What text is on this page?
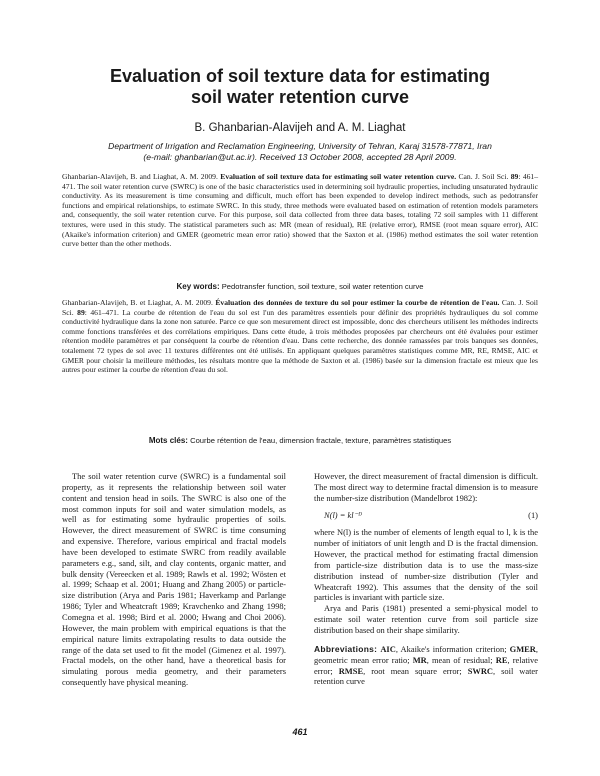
Evaluation of soil texture data for estimating
soil water retention curve
B. Ghanbarian-Alavijeh and A. M. Liaghat
Department of Irrigation and Reclamation Engineering, University of Tehran, Karaj 31578-77871, Iran
(e-mail: ghanbarian@ut.ac.ir). Received 13 October 2008, accepted 28 April 2009.
Ghanbarian-Alavijeh, B. and Liaghat, A. M. 2009. Evaluation of soil texture data for estimating soil water retention curve. Can. J. Soil Sci. 89: 461–471. The soil water retention curve (SWRC) is one of the basic characteristics used in determining soil hydraulic properties, including unsaturated hydraulic conductivity. As its measurement is time consuming and difficult, much effort has been expended to develop indirect methods, such as pedotransfer functions and empirical relationships, to estimate SWRC. In this study, three methods were evaluated based on estimation of retention models parameters and, consequently, the soil water retention curve. For this purpose, soil data collected from three data bases, totaling 72 soil samples with 11 different textures, were used in this study. The statistical parameters such as: MR (mean of residual), RE (relative error), RMSE (root mean square error), AIC (Akaike's information criterion) and GMER (geometric mean error ratio) showed that the Saxton et al. (1986) method estimates the soil water retention curve better than the other methods.
Key words: Pedotransfer function, soil texture, soil water retention curve
Ghanbarian-Alavijeh, B. et Liaghat, A. M. 2009. Évaluation des données de texture du sol pour estimer la courbe de rétention de l'eau. Can. J. Soil Sci. 89: 461–471. La courbe de rétention de l'eau du sol est l'un des paramètres essentiels pour définir des propriétés hydrauliques du sol comme conductivité hydraulique dans la zone non saturée. Parce ce que son mesurement direct est impossible, donc des chercheurs utilisent les méthodes indirects comme fonctions transférées et des corrélations empiriques. Dans cette étude, à trois méthodes proposées par chercheurs ont été évaluées pour estimer rétention modèle paramètres et par conséquent la courbe de rétention d'eau. Dans cette recherche, des donnée ramassées par trois banques ses données, totalement 72 types de sol avec 11 textures différentes ont été utilisés. En appliquant quelques paramètres statistiques comme MR, RE, RMSE, AIC et GMER pour choisir la meilleure méthodes, les résultats montre que la méthode de Saxton et al. (1986) basée sur la dimension fractale est mieux que les autres pour estimer la courbe de rétention d'eau du sol.
Mots clés: Courbe rétention de l'eau, dimension fractale, texture, paramètres statistiques

The soil water retention curve (SWRC) is a fundamental soil property, as it represents the relationship between soil water content and tension head in soils. The SWRC is also one of the most common inputs for soil and water simulation models, as well as for estimating some hydraulic properties of soils. However, the direct measurement of SWRC is time consuming and expensive. Therefore, various empirical and fractal models have been developed to estimate SWRC from readily available parameters e.g., sand, silt, and clay contents, organic matter, and bulk density (Vereecken et al. 1989; Rawls et al. 1992; Wösten et al. 1999; Schaap et al. 2001; Huang and Zhang 2005) or particle-size distribution (Arya and Paris 1981; Haverkamp and Parlange 1986; Tyler and Wheatcraft 1989; Kravchenko and Zhang 1998; Comegna et al. 1998; Bird et al. 2000; Hwang and Choi 2006). However, the main problem with empirical equations is that the empirical nature limits extrapolating results to data outside the range of the data set used to fit the model (Gimenez et al. 1997). Fractal models, on the other hand, have a theoretical basis for simulating porous media geometry, and their parameters consequently have physical meaning.

However, the direct measurement of fractal dimension is difficult. The most direct way to determine fractal dimension is to measure the number-size distribution (Mandelbrot 1982):

N(l) = kl⁻ᴰ	(1)

where N(l) is the number of elements of length equal to l, k is the number of initiators of unit length and D is the fractal dimension. However, the practical method for estimating fractal dimension from particle-size distribution data is to use the mass-size distribution instead of number-size distribution (Tyler and Wheatcraft 1992). This assumes that the density of the soil particles is invariant with particle size.

Arya and Paris (1981) presented a semi-physical model to estimate soil water retention curve from soil particle size distribution based on their shape similarity.

Abbreviations: AIC, Akaike's information criterion; GMER, geometric mean error ratio; MR, mean of residual; RE, relative error; RMSE, root mean square error; SWRC, soil water retention curve

461
